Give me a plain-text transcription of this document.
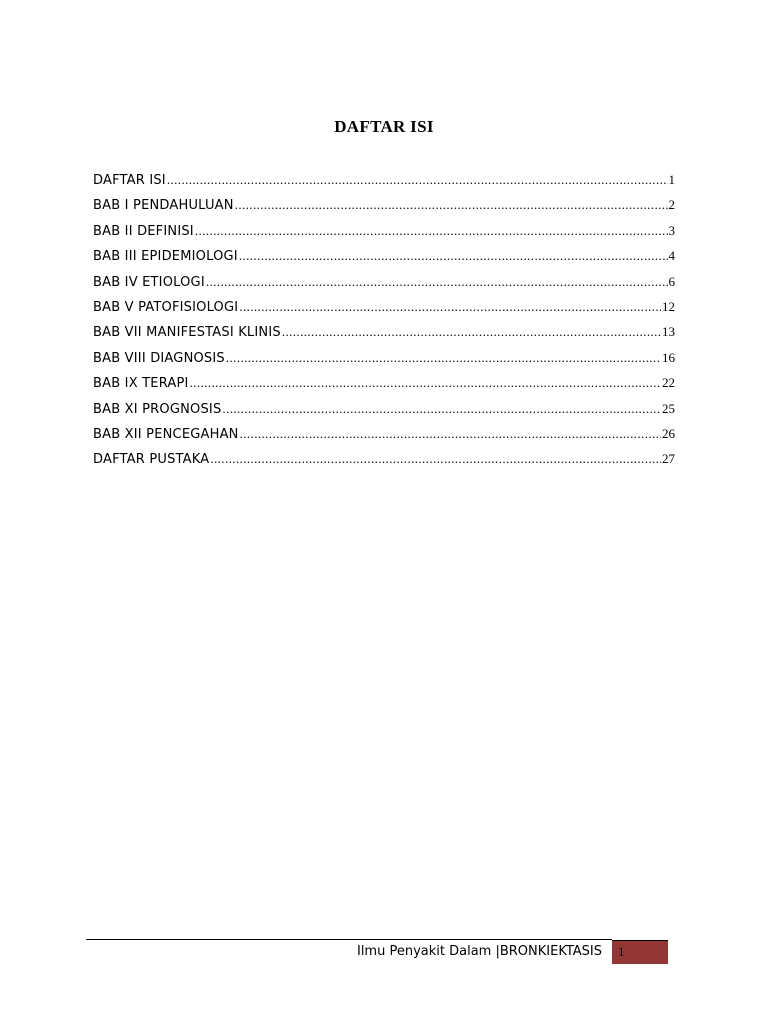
DAFTAR ISI
DAFTAR ISI .....	1
BAB I PENDAHULUAN .....	2
BAB II DEFINISI .....	3
BAB III EPIDEMIOLOGI .....	4
BAB IV ETIOLOGI .....	6
BAB V PATOFISIOLOGI .....	12
BAB VII MANIFESTASI KLINIS .....	13
BAB VIII DIAGNOSIS .....	16
BAB IX TERAPI .....	22
BAB XI PROGNOSIS .....	25
BAB XII PENCEGAHAN .....	26
DAFTAR PUSTAKA .....	27
Ilmu Penyakit Dalam |BRONKIEKTASIS 1
